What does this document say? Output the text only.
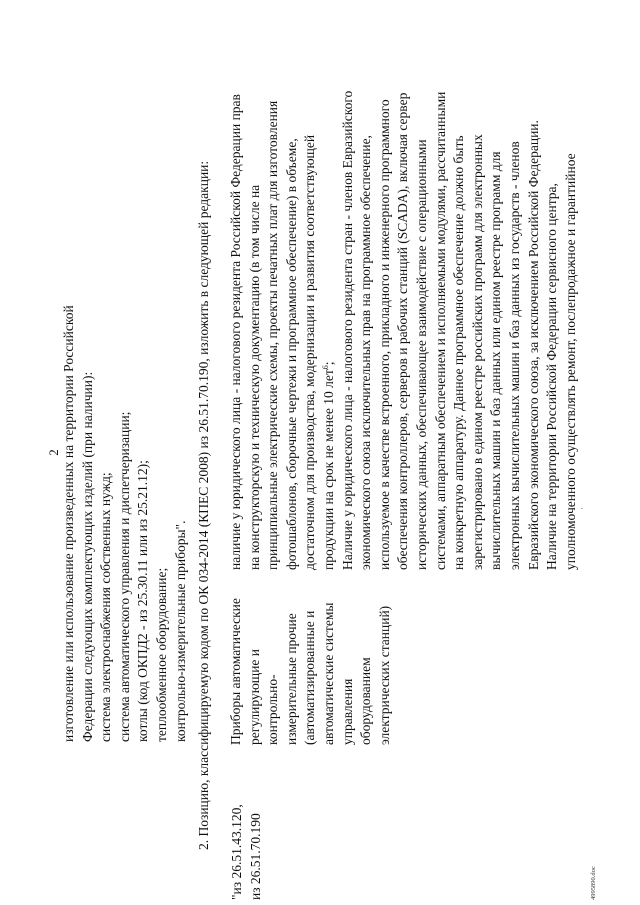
2 изготовление или использование произведенных на территории Российской Федерации следующих комплектующих изделий (при наличии): система электроснабжения собственных нужд; система автоматического управления и диспетчеризации; котлы (код ОКПД2 - из 25.30.11 или из 25.21.12); теплообменное оборудование; контрольно-измерительные приборы". 2. Позицию, классифицируемую кодом по ОК 034-2014 (КПЕС 2008) из 26.51.70.190, изложить в следующей редакции:
"из 26.51.43.120, из 26.51.70.190
Приборы автоматические регулирующие и контрольно- измерительные прочие (автоматизированные и автоматические системы управления оборудованием электрических станций)
наличие у юридического лица - налогового резидента Российской Федерации прав на конструкторскую и техническую документацию (в том числе на принципиальные электрические схемы, проекты печатных плат для изготовления фотошаблонов, сборочные чертежи и программное обеспечение) в объеме, достаточном для производства, модернизации и развития соответствующей продукции на срок не менее 10 лет$^6$; Наличие у юридического лица - налогового резидента стран - членов Евразийского экономического союза исключительных прав на программное обеспечение, используемое в качестве встроенного, прикладного и инженерного программного обеспечения контроллеров, серверов и рабочих станций (SCADA), включая сервер исторических данных, обеспечивающее взаимодействие с операционными системами, аппаратным обеспечением и исполняемыми модулями, рассчитанными на конкретную аппаратуру. Данное программное обеспечение должно быть зарегистрировано в едином реестре российских программ для электронных вычислительных машин и баз данных или едином реестре программ для электронных вычислительных машин и баз данных из государств - членов Евразийского экономического союза, за исключением Российской Федерации. Наличие на территории Российской Федерации сервисного центра, уполномоченного осуществлять ремонт, послепродажное и гарантийное ·
4995890.doc
